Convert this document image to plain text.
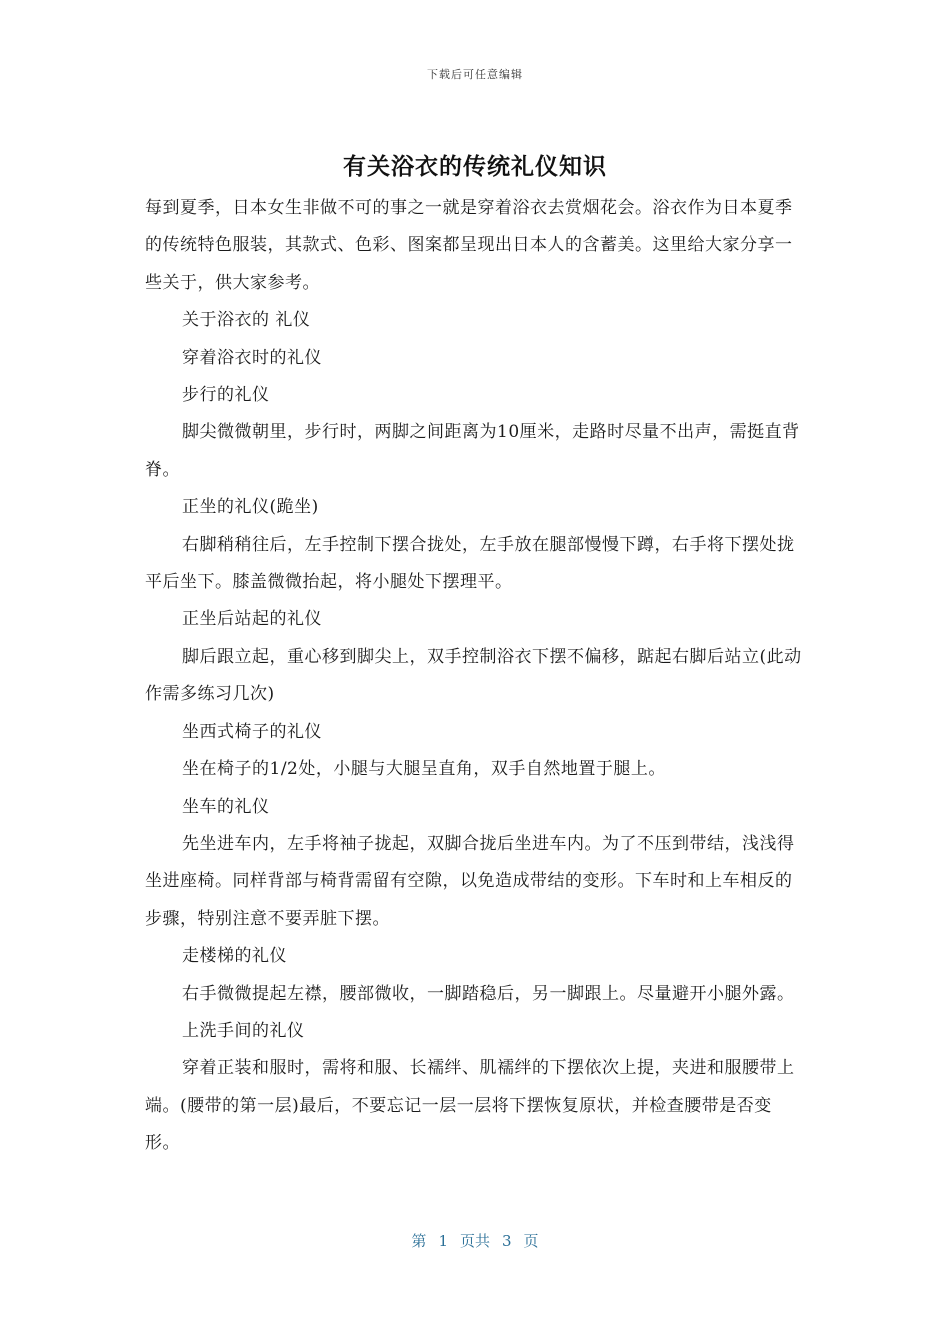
下载后可任意编辑
有关浴衣的传统礼仪知识

每到夏季，日本女生非做不可的事之一就是穿着浴衣去赏烟花会。浴衣作为日本夏季的传统特色服装，其款式、色彩、图案都呈现出日本人的含蓄美。这里给大家分享一些关于，供大家参考。

关于浴衣的 礼仪

穿着浴衣时的礼仪

步行的礼仪

脚尖微微朝里，步行时，两脚之间距离为10厘米，走路时尽量不出声，需挺直背脊。

正坐的礼仪(跪坐)

右脚稍稍往后，左手控制下摆合拢处，左手放在腿部慢慢下蹲，右手将下摆处拢平后坐下。膝盖微微抬起，将小腿处下摆理平。

正坐后站起的礼仪

脚后跟立起，重心移到脚尖上，双手控制浴衣下摆不偏移，踮起右脚后站立(此动作需多练习几次)

坐西式椅子的礼仪

坐在椅子的1/2处，小腿与大腿呈直角，双手自然地置于腿上。

坐车的礼仪

先坐进车内，左手将袖子拢起，双脚合拢后坐进车内。为了不压到带结，浅浅得坐进座椅。同样背部与椅背需留有空隙，以免造成带结的变形。下车时和上车相反的步骤，特别注意不要弄脏下摆。

走楼梯的礼仪

右手微微提起左襟，腰部微收，一脚踏稳后，另一脚跟上。尽量避开小腿外露。

上洗手间的礼仪

穿着正装和服时，需将和服、长襦绊、肌襦绊的下摆依次上提，夹进和服腰带上端。(腰带的第一层)最后，不要忘记一层一层将下摆恢复原状，并检查腰带是否变形。

第 1 页共 3 页
